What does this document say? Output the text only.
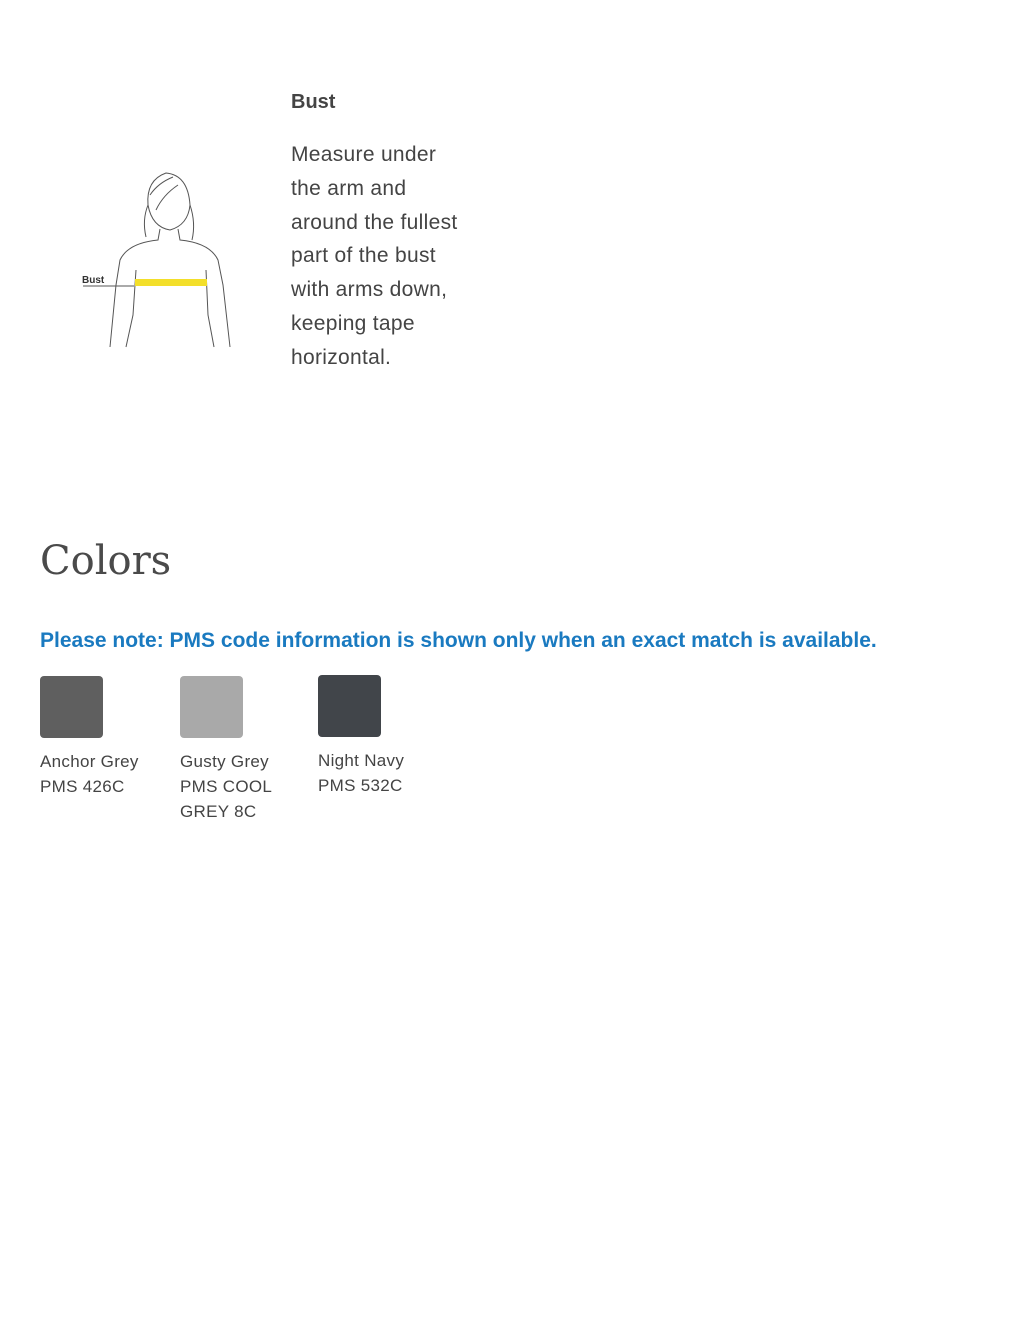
Bust
Bust
Measure under the arm and around the fullest part of the bust with arms down, keeping tape horizontal.
Colors
Please note: PMS code information is shown only when an exact match is available.
Anchor Grey
PMS 426C
Gusty Grey
PMS COOL GREY 8C
Night Navy
PMS 532C
